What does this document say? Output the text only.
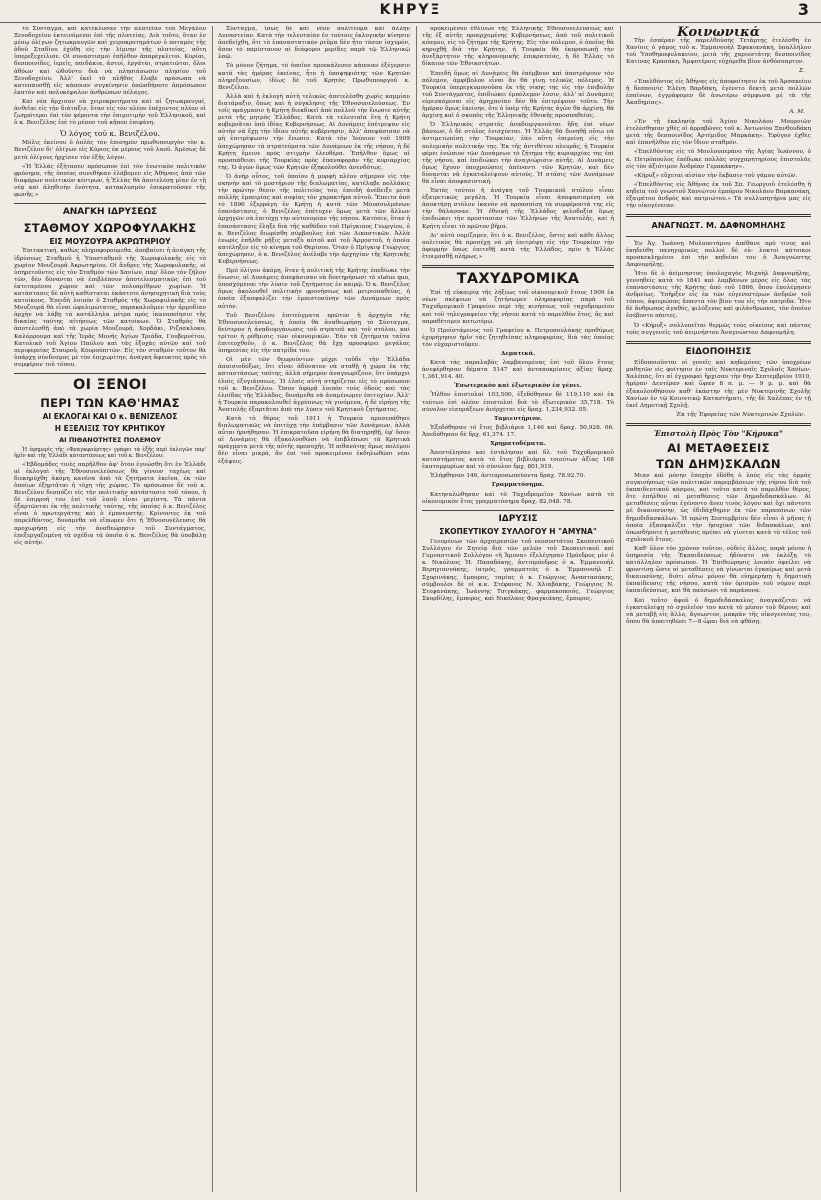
ΚΗΡΥΞ	3

τὸ Σύνταγμα, καὶ κατέκλυσαν τὴν πλατεῖαν τοῦ Μεγάλου Ξενοδοχείου ἐκτεινόμενοι ἐπὶ τῆς πλατείας. Διὰ τοῦτο, ὅταν ἐν μέσῳ ὀλίγων ζητωκραυγῶν καὶ χειροκροτημάτων ὁ ποταμὸς τῆς ὁδοῦ Σταδίου ἐχύθη εἰς τὴν λίμνην τῆς πλατείας, αὕτη ὑπερεξεχείλισε. Οἱ συναστισμοὶ ἐπῆλθον ἀπαρέγκλιτοι. Κυρίαι, δεσποινίδες, ἱερεῖς, παιδάκια, ἀστοί, ἐργάται, στρατιῶται, ὅλοι ἀθόων καὶ ὠθοῦντο διὰ νὰ πλησιάσωσιν πλησίον τοῦ Ξενοδοχείου. Ἀλλ' ἐκεῖ τὸ πλῆθος ἔλαβε πρόσωπα νὰ κατεπαυσθῇ εἰς κάποιαν συγκίνησιν ὁπῶσδήποτε ἀπρόσωπον ἐκατὸν καὶ πολυκέφαλον ἀνθρώπων πέλαγος.

Καὶ νέα ἄρχισαν νὰ χειροκροτήματα καὶ αἱ ζητωκραυγαί, ἀνθεῖαι εἰς τὴν διάταξιν, ὅταν εἰς τὸν πλέον ἐπέχοντος πλέον οἱ ζωηρότεροι ἐπὶ τὸν φέροντα τὴν ἐπιμοτιμὴν τοῦ Ἑλληνικοῦ, καὶ ὁ κ. Βενιζέλος ἐπὶ τὸ μέσον τοῦ κῆπου ἐπιφάνη.

Ὁ λόγος τοῦ κ. Βενιζέλου.

Μόλις ἐκείνου ὁ ὁπλὸς τὸν ἐπισημὸν πρωθυπουργὸν τὸν κ. Βενιζέλου δι' ὀλίγων εἰς Κύριος ἐκ μέρους τοῦ λαοῦ. Ἀμέσως δὲ μετὰ ὀλίγους ἠρχίσεν τὸν ἐξῆς λόγον.

«Ἡ Ἑλλὰς ἐξήτασεν πρόσωπον ἐπὶ τὸν ἐνωτικὸν πολιτικὸν φρόνημα, τῆς ὁποίας συνεθήκαν ἐλάβομεν εἰς Ἀθήναις ἀπὸ τῶν διαφόρων πολιτικῶν κέντρων, ἡ Ἑλλὰς θὰ ἀποτελέσῃ μίαν ἐν τῇ νέᾳ καὶ ἀληθινὴν ἐνότητα, κατακλυσμὸν ἐπικρατοῦσαν τῆς φωνῆς.»

ΑΝΑΓΚΗ ΙΔΡΥΣΕΩΣ
ΣΤΑΘΜΟΥ ΧΩΡΟΦΥΛΑΚΗΣ
ΕΙΣ ΜΟΥΖΟΥΡΑ ΑΚΡΩΤΗΡΙΟΥ

Ἐπιτακτική, καθὼς πληροφορούμεθα, ἀποβαίνει ἡ ἀνάγκη τῆς ἱδρύσεως Σταθμοῦ ἢ Ὑποσταθμοῦ τῆς Χωροφυλακῆς εἰς τὸ χωρίον Μουζουρᾶ Ἀκρωτηρίου. Οἱ ἄνδρες τῆς Χωροφυλακῆς, οἱ ὑπηρετοῦντες εἰς τὸν Σταθμὸν τῶν Χανίων, παρ' ὅλον τὸν ζῆλον τῶν, δὲν δύνανται νὰ ἐπιβλέπουν ἀποτελεσματικῶς ἐπὶ τοῦ ἐκτεταμένου χώρου καὶ τῶν πολυαρίθμων χωρίων. Ἡ κατάστασις δὲ αὐτὴ καθίσταται ἐκάστοτε ἀνησυχητικὴ διὰ τοὺς κατοίκους. Ἐπειδὴ λοιπὸν ὁ Σταθμὸς τῆς Χωροφυλακῆς εἰς τὸ Μουζουρᾶ θὰ εἶναι ὠφελιμώτατος, παρακαλοῦμεν τὴν ἁρμοδίαν ἀρχὴν νὰ λάβῃ τὰ κατάλληλα μέτρα πρὸς ἱκανοποίησιν τῆς δικαίας ταύτης αἰτήσεως τῶν κατοίκων. Ὁ Σταθμὸς θὰ ἀποτελεσθῇ ἀπὸ τὰ χωρία Μουζουρᾶ, Χορδάκι, Ριζοσκλοκο, Καλόρρουμα καὶ τῆς Ἱερᾶς Μονῆς Ἁγίων Τριάδα, Γουβερνέτου, Κατολικὸ τοῦ Ἁγίου Παύλου καὶ τὰς ἐξοχὰς αὐτῶν καὶ τοῦ περιφερείας Σταυροῦ, Κουρούπιτῶν. Εἰς τὸν σταθμὸν τοῦτον θὰ ὑπάρχῃ σύνδεσμος μὲ τὸν ἐπιχωρίτην, ἀνάγκη ἄφευκτος πρὸς τὸ συμφέρον τοῦ τόπου.

ΟΙ ΞΕΝΟΙ
ΠΕΡΙ ΤΩΝ ΚΑΘ'ΗΜΑΣ
ΑΙ ΕΚΛΟΓΑΙ ΚΑΙ Ο κ. ΒΕΝΙΖΕΛΟΣ
Η ΕΞΕΛΙΞΙΣ ΤΟΥ ΚΡΗΤΙΚΟΥ
ΑΙ ΠΙΘΑΝΟΤΗΤΕΣ ΠΟΛΕΜΟΥ

Ἡ ἐφημερὶς τῆς «Φραγκφούρτης» γράφει τὰ ἑξῆς περὶ ἐκλογῶν παρ' ἡμῖν καὶ τῆς Ἑλλάδι καταστάσεως καὶ τοῦ κ. Βενιζέλου:

«Ἑβδομάδες τινὲς παρῆλθον ἀφ' ὅτου ἐγνώσθη ὅτι ἐν Ἑλλάδι αἱ ἐκλογαὶ τῆς Ἐθνοσυνελεύσεως θὰ γίνουν ταχέως καὶ διεκηρύχθη ἀκόμη κανένα ἀπὸ τὰ ζητήματα ἐκεῖνα, ἐκ τῶν ὁποίων ἐξηρτᾶται ἡ τύχη τῆς χώρας. Τὸ πρόσωπον δὲ τοῦ κ. Βενιζέλου δεσπόζει εἰς τὴν πολιτικὴν κατάστασιν τοῦ τόπου, ἡ δὲ ἐπιρροή του ἐπὶ τοῦ λαοῦ εἶναι μεγίστη. Τὰ πάντα ἐξαρτῶνται ἐκ τῆς πολιτικῆς ταύτης, τῆς ὁποίας ὁ κ. Βενιζέλος εἶναι ὁ πρωτεργάτης καὶ ὁ ἐμπνευστής. Κρίνοντες ἐκ τοῦ παρελθόντος, δυνάμεθα νὰ εἴπωμεν ὅτι ἡ Ἐθνοσυνέλευσις θὰ προχωρήσῃ εἰς τὴν ἀναθεώρησιν τοῦ Συντάγματος, ἐπεξεργαζομένη τὰ σχέδια τὰ ὁποῖα ὁ κ. Βενιζέλος θὰ ὑποβάλῃ εἰς αὐτήν.

Σύνταγμα, ἴσως δὲ καὶ νέον πολίτευμα καὶ ἄλλην Δυναστείαν. Κατὰ τὴν τελευταίαν ἐν τούτοις ἐκλογικὴν κίνησιν ἀπεδείχθη, ὅτι τὸ ἐπαναστατικὸν ρεῦμα δὲν ἦτο τόσον ἰσχυρόν, ὅσον τὸ παρίστανον αἱ διάφοροι μερίδες παρὰ τῷ Ἑλληνικῷ λαῷ.

Τὸ μόνον ζήτημα, τὸ ὁποῖον προεκάλεσεν κάποιαν ἐξέγερσιν κατὰ τὰς ἡμέρας ἐκείνας, ἦτο ἡ ὑποψηφιότης τῶν Κρητῶν πληρεξουσίων, ἰδίως δὲ τοῦ Κρητὸς Πρωθυπουργοῦ κ. Βενιζέλου.

Ἀλλὰ καὶ ἡ ἐκλογὴ αὐτὴ τελικῶς ἀπετελέσθη χωρὶς καμμίαν διατάραξιν, ὅπως καὶ ἡ σύγκλησις τῆς Ἐθνοσυνελεύσεως. Ἐν τοῖς πράγμασιν ἡ Κρήτη διεκδικεῖ ἀπὸ πολλοῦ τὴν ἕνωσιν αὐτῆς μετὰ τῆς μητρὸς Ἑλλάδος. Κατὰ τὰ τελευταῖα ἔτη ἡ Κρήτη κυβερνᾶται ὑπὸ ἰδίας Κυβερνήσεως. Αἱ Δυνάμεις ἐπέτρεψαν εἰς αὐτὴν νὰ ἔχῃ τὴν ἰδίαν αὐτῆς κυβέρνησιν, ἀλλ' ἀπεφάσισαν νὰ μὴ ἐπιτρέψωσιν τὴν ἕνωσιν. Κατὰ τὸν Ἰούνιον τοῦ 1909 ἀπεχώρησαν τὰ στρατεύματα τῶν Δυνάμεων ἐκ τῆς νήσου, ἡ δὲ Κρήτη ἔμεινε πρὸς στιγμὴν ἐλευθέρα. Ἐπῆλθον ὅμως αἱ προσπάθειαι τῆς Τουρκίας πρὸς ἐπαναφορὰν τῆς κυριαρχίας της. Ὁ ἀγὼν ὅμως τῶν Κρητῶν ἐξηκολούθει ἀνενδότως.

Ὁ ἀνὴρ οὗτος, τοῦ ὁποίου ἡ μορφὴ πλέον σήμερον εἰς τὴν σκηνὴν καὶ τὸ μυστήριον τῆς διπλωματίας, κατέλαβε πολλάκις τὴν πρώτην θέσιν τῆς πολιτείας του, ἐπειδὴ ἀνέδειξε μετὰ πολλῆς ἐμπειρίας καὶ σοφίας τὸν χαρακτῆρα αὐτοῦ. Ἔπειτα ἀπὸ τὸ 1896 ἐξερράγη ἐν Κρήτῃ ἡ κατὰ τῶν Μουσουλμάνων ἐπανάστασις, ὁ Βενιζέλος ἐπέτυχεν ὅμως μετὰ τῶν ἄλλων ἀρχηγῶν νὰ ἐπιτύχῃ τὴν αὐτονομίαν τῆς νήσου. Κατόπιν, ὅταν ἡ ἐπανάστασις ἔληξε διὰ τῆς καθόδου τοῦ Πρίγκιπος Γεωργίου, ὁ κ. Βενιζέλος διωρίσθη σύμβουλος ἐπὶ τῶν Δικαστικῶν. Ἀλλὰ ἐνωρὶς ἐπῆλθε ρῆξις μεταξὺ αὐτοῦ καὶ τοῦ Ἁρμοστοῦ, ἡ ὁποία κατέληξεν εἰς τὸ κίνημα τοῦ Θερίσου. Ὅταν ὁ Πρίγκιψ Γεώργιος ἀπεχώρησεν, ὁ κ. Βενιζέλος ἀνέλαβε τὴν ἀρχηγίαν τῆς Κρητικῆς Κυβερνήσεως.

Πρὸ ὀλίγου ἀκόμη, ὅταν ἡ πολιτικὴ τῆς Κρήτης ἐπεδίωκε τὴν ἕνωσιν, αἱ Δυνάμεις ἀπεφάσισαν νὰ διατηρήσωσι τὸ status quo, ὑποσχόμεναι τὴν λύσιν τοῦ ζητήματος ἐν καιρῷ. Ὁ κ. Βενιζέλος ὅμως ἀκολουθεῖ πολιτικὴν φρονήσεως καὶ μετριοπαθείας, ἡ ὁποία ἐξασφαλίζει τὴν ἐμπιστοσύνην τῶν Δυνάμεων πρὸς αὐτόν.

Τοῦ Βενιζέλου ἐπιτεύγματα πρῶτον ἡ ἀρχηγία τῆς Ἐθνοσυνελεύσεως, ἡ ὁποία θὰ ἀναθεωρήσῃ τὸ Σύνταγμα, δεύτερον ἡ ἀναδιοργάνωσις τοῦ στρατοῦ καὶ τοῦ στόλου, καὶ τρίτον ἡ ρύθμισις τῶν οἰκονομικῶν. Ἐὰν τὰ ζητήματα ταῦτα ἐπιτευχθοῦν, ὁ κ. Βενιζέλος θὰ ἔχῃ προσφέρει μεγάλας ὑπηρεσίας εἰς τὴν πατρίδα του.

Οἱ μὲν τῶν θεωρούντων μέχρι τοῦδε τὴν Ἑλλάδα ἀπαισιοδόξως, ὅτι εἶναι ἀδύνατον νὰ σταθῇ ἡ χώρα ἐκ τῆς καταστάσεως ταύτης, ἀλλὰ σήμερον ἀναγνωρίζουν, ὅτι ὑπάρχει ἐλπὶς ἐξυγιάνσεως. Ἡ ἐλπὶς αὐτὴ στηρίζεται εἰς τὸ πρόσωπον τοῦ κ. Βενιζέλου. Ὅσον ἀφορᾷ λοιπὸν τοὺς ὁδοὺς καὶ τὰς ἐλπίδας τῆς Ἑλλάδος, δυνάμεθα νὰ ἀναμένωμεν ἐπιτυχίαν. Ἀλλ' ἡ Τουρκία παρακολουθεῖ ἀγρύπνως τὰ γινόμενα, ἡ δὲ εἰρήνη τῆς Ἀνατολῆς ἐξαρτᾶται ἀπὸ τὴν λύσιν τοῦ Κρητικοῦ ζητήματος.

Κατὰ τὸ θέρος τοῦ 1911 ἡ Τουρκία προσεπάθησε διπλωματικῶς νὰ ἐπιτύχῃ τὴν ἐπέμβασιν τῶν Δυνάμεων, ἀλλὰ αὗται ἠρνήθησαν. Ἡ ἐπικρατοῦσα εἰρήνη θὰ διατηρηθῇ, ἐφ' ὅσον αἱ Δυνάμεις θὰ ἐξακολουθῶσι νὰ ἐπιβλέπωσι τὰ Κρητικὰ πράγματα μετὰ τῆς αὐτῆς προσοχῆς. Ἡ πιθανότης ὅμως πολέμου δὲν εἶναι μικρά, ἂν ἐπὶ τοῦ προκειμένου ἐκδηλωθῶσι νέαι ἐξάψεις.

προκειμένου ἐθλίνων τῆς Ἑλληνικῆς Ἐθνοσυνελεύσεως καὶ τῆς ἐξ αὐτῆς προερχομένης Κυβερνήσεως, ἀπὸ τοῦ πολιτικοῦ κόσμου, εἰς τὸ ζήτημα τῆς Κρήτης. Εἰς τὸν πόλεμον, ὁ ὁποῖος θὰ κηρυχθῇ διὰ τὴν Κρήτην, ἡ Τουρκία θὰ ἐκπροσωπῇ τὴν ἀνεξάρτητον τῆς κληρονομικῆς ἐπικρατείας, ἡ δὲ Ἑλλὰς τὸ δίκαιον τῶν Ἐθνικοτήτων.

Ἐπειδὴ ὅμως αἱ Δυνάμεις θὰ ἐπέμβουν καὶ ἀποτρέψουν τὸν πόλεμον, ἀμφίβολον εἶναι ἂν θὰ γίνῃ τελικῶς πόλεμος. Ἡ Τουρκία ὑπερεγκυμονοῦσα ἐκ τῆς νίκης της εἰς τὴν ἐπιβολὴν τοῦ Συντάγματος, ἐπιδιώκει ἐμπόλεμον λύσιν, ἀλλ' αἱ Δυνάμεις εὐρισκόμεναι εἰς ἀμηχανίαν δὲν θὰ ἐπιτρέψουν τοῦτο. Τὴν ἡμέραν ὅμως ἐκείνην, ὅτε ὁ ὑπὲρ τῆς Κρήτης ἀγὼν θὰ ἀρχίσῃ, θὰ ἀρχίσῃ καὶ ὁ σκοπὸς τῆς Ἑλληνικῆς ἐθνικῆς προσπαθείας.

Ὁ Ἑλληνικὸς στρατὸς ἀναδιοργανοῦται ἤδη ἐπὶ νέων βάσεων, ὁ δὲ στόλος ἐνισχύεται. Ἡ Ἑλλὰς θὰ δυνηθῇ οὕτω νὰ ἀντιμετωπίσῃ τὴν Τουρκίαν, ἐὰν αὕτη ἐπιμείνῃ εἰς τὴν πολεμικὴν πολιτικήν της. Ἐκ τῆς ἀντιθέτου πλευρᾶς, ἡ Τουρκία φέρει ἐνώπιον τῶν Δυνάμεων τὸ ζήτημα τῆς κυριαρχίας της ἐπὶ τῆς νήσου, καὶ ἐπιδιώκει τὴν ἀναγνώρισιν αὐτῆς. Αἱ Δυνάμεις ὅμως ἔχουν ὑποχρεώσεις ἀπέναντι τῶν Κρητῶν, καὶ δὲν δύνανται νὰ ἐγκαταλείψουν αὐτούς. Ἡ στάσις τῶν Δυνάμεων θὰ εἶναι ἀποφασιστική.

Ἐκτὸς τούτου ἡ ἀνάγκη τοῦ Τουρκικοῦ στόλου εἶναι ἐξαιρετικῶς μεγάλη. Ἡ Τουρκία εἶναι ἀποφασισμένη νὰ ἀποκτήσῃ στόλον ἱκανὸν νὰ προασπίσῃ τὰ συμφέροντά της εἰς τὴν θάλασσαν. Ἡ ἐθνικὴ τῆς Ἑλλάδος φιλοδοξία ὅμως ἐπιδιώκει τὴν προστασίαν τῶν Ἑλλήνων τῆς Ἀνατολῆς, καὶ ἡ Κρήτη εἶναι τὸ πρῶτον βῆμα.

Δι' αὐτὸ νομίζομεν, ὅτι ὁ κ. Βενιζέλος, ὅστις καὶ κάθε ἄλλος πολιτικὸς θὰ προσέχῃ νὰ μὴ ἐπιτρέψῃ εἰς τὴν Τουρκίαν τὴν ἀφορμὴν ὅπως ἐπιτεθῇ κατὰ τῆς Ἑλλάδος, πρὶν ἡ Ἑλλὰς ἑτοιμασθῇ πλήρως.»

ΤΑΧΥΔΡΟΜΙΚΑ

Ἐπὶ τῇ εὐκαιρίᾳ τῆς λήξεως τοῦ οἰκονομικοῦ ἔτους 1909 ἐκ νέων σκέψεων νὰ ζητήσωμεν πληροφορίας παρὰ τοῦ Ταχυδρομικοῦ Γραφείου περὶ τῆς κινήσεως τοῦ ταχυδρομείου καὶ τοῦ τηλεγραφείου τῆς νήσου κατὰ τὸ παρελθὸν ἔτος, ἅς καὶ παραθέτομεν κατωτέρω.

Ὁ Προϊστάμενος τοῦ Γραφείου κ. Πετροπουλάκης προθύμως ἐχορήγησεν ἡμῖν τὰς ζητηθείσας πληροφορίας, διὰ τὰς ὁποίας τὸν εὐχαριστοῦμεν.

Δεματικά.

Κατὰ τὰς παραλαβὰς λαμβανομένας ἐπὶ τοῦ ὅλου ἔτους ἀνεφέρθησαν δέματα 5147 καὶ ἀνταποκρίσεις ἀξίας δραχ. 1,361,914. 40.

Ἐσωτερικὸν καὶ ἐξωτερικὸν ἐν γένει.

Ἦλθον ἐπιστολαὶ 103,500, ἐξεδόθησαν δὲ 119,110 καὶ ἐκ τούτων ἐπὶ πλέον ἐπιστολαὶ διὰ τὸ ἐξωτερικὸν 35,718. Τὸ σύνολον εἰσπράξεων ἀνέρχεται εἰς δραχ. 1,234,932. 05.

Ταμιευτήριον.

Ἐξεδόθησαν τὸ ἔτος βιβλιάρια 1,146 καὶ δραχ. 50,928. 06. Ἀπεδόθησαν δὲ δρχ. 61,374. 17.

Χρηματοδέματα.

Ἀπεστάλησαν καὶ ἐστάλησαν καὶ δλ. τοῦ Ταχυδρομικοῦ καταστήματος κατὰ τὸ ἔτος βιβλιάρια τοιούτων ἀξίας 168 ἑκατομμυρίων καὶ τὸ σύνολον δρχ. 801,919.

Ἐλήφθησαν 146, ἀντιπροσωπεύοντα δραχ. 78.92.70.

Γραμματόσημα.

Κατηναλώθησαν καὶ τὸ Ταχυδρομεῖον Χανίων κατὰ τὸ οἰκονομικὸν ἔτος γραμματόσημα δραχ. 82,048. 78.

ΙΔΡΥΣΙΣ
ΣΚΟΠΕΥΤΙΚΟΥ ΣΥΛΛΟΓΟΥ Η "ΑΜΥΝΑ"

Γενομένων τῶν ἀρχαιρεσιῶν τοῦ νεοσυστάτου Σκοπευτικοῦ Συλλόγου ἐν Σητείᾳ διὰ τῶν μελῶν τοῦ Σκοπευτικοῦ καὶ Γυμναστικοῦ Συλλόγου «ἡ Ἄμυνα» ἐξελέγησαν Πρόεδρος μὲν ὁ κ. Νικόλαος Ἠ. Παπαδάκης, ἀντιπρόεδρος ὁ κ. Ἐμμανουὴλ Βερηγιαννάκης, ἰατρός, γραμματεὺς ὁ κ. Ἐμμανουὴλ Γ. Σχορινάκης, ἔμπορος, ταμίας ὁ κ. Γεώργιος Ἀναστασάκης, σύμβουλοι δὲ οἱ κ.κ. Στέφανος Ν. Χλιαβάκης, Γεώργιος Ν. Στεφανάκης, Ἰωάννης Τσιγκάκης, φαρμακοποιός, Γεώργιος Σκορδίλης, ἔμπορος, καὶ Νικόλαος Φραγκιάκης, ἔμπορος.

Κοινωνικά

Τὴν ἐσπέραν τῆς παρελθούσης Τετάρτης ἐτελέσθη ἐν Χανίοις ὁ γάμος τοῦ κ. Ἐμμανουὴλ Σφακιανάκη, ὑπαλλήλου τοῦ Ὑποθηκοφυλακείου, μετὰ τῆς χαριεστάτης δεσποινίδος Κατίνας Κρασάκη. Ἄμφοτέροις εὐχόμεθα βίον ἀνθόσπαρτον.

Σ.

«Ἐπελθόντος εἰς Ἀθήνας εἰς ἀποφοίτησιν ἐκ τοῦ Ἀρσακείου ἡ δεσποινὶς Ἑλένη Βαρδάκη, ἐγένετο δεκτὴ μετὰ πολλῶν ἐπαίνων, ἐγγράφομεν δὲ ἀνωτέρω σύμφωνα μὲ τὰ τῆς Ἀκαδημίας».

Α. Μ.

«Ἐν τῇ ἐκκλησίᾳ τοῦ Ἁγίου Νικολάου Μουρνιῶν ἐτελέσθησαν χθὲς οἱ ἀρραβῶνες τοῦ κ. Ἀντωνίου Ξανθουδάκη μετὰ τῆς δεσποινίδος Ἀρτέμιδος Μαρκάκη». Ἐφύγον ἐχθὲς καὶ ἐπανῆλθον εἰς τὸν ἴδιον σταθμόν.

«Ἐπελθόντος εἰς τὸ Μουλουπεράνο τῆς Ἀγίας Ἰωάννου, ὁ κ. Πετρόπουλος ἐπέδωκε πολλὰς συγχαρητηρίους ἐπιστολὰς εἰς τὸν ἀξιότιμον Ἀνδρέαν Γερακάκην».

«Κήρυξ» εὔχεται αἰσίαν τὴν ἔκβασιν τοῦ γάμου αὐτῶν.

«Ἐπελθόντος εἰς Ἀθήνας ἐκ τοῦ Σπ. Γεωργιοῦ ἐτελέσθη ἡ κηδεία τοῦ γνωστοῦ Χανιώτου ἐμπόρου Νικολάου Βαρκανάκη, ἐξαιρέτου ἀνδρὸς καὶ πατριώτου.» Τὰ συλλυπητήρια μας εἰς τὴν οἰκογένειαν.

ΑΝΑΓΝΩΣΤ. Μ. ΔΑΦΝΟΜΗΛΗΣ

Ἐν Ἁγ. Ἰωάννῃ Μολοποτάμου ἀπέθανε πρὸ τινος καὶ ἐκηδεύθη πανηγυρικῶς πολλοὶ δὲ εὐ- λοκτοὶ κάτοικοι προσκεκλημένοι ἐπὶ τὴν κηδείαν του ὁ Ἀναγνώστης Δαφνομήλης.

Ἦτο δὲ ὁ ἀείμνηστος ὑπολοχαγὸς Μιχαὴλ Δαφνομήλης, γεννηθεὶς κατὰ τὸ 1841 καὶ λαμβάνων μέρος εἰς ὅλας τὰς ἐπαναστάσεις τῆς Κρήτης ἀπὸ τοῦ 1866, ὅπου ἐπολέμησεν ἀνδρείως. Ὑπῆρξεν εἷς ἐκ τῶν εὐγενεστέρων ἀνδρῶν τοῦ τόπου, ἀφιερώσας ἅπαντα τὸν βίον του εἰς τὴν πατρίδα. Ἦτο δὲ ἄνθρωπος ἀγαθός, φιλόξενος καὶ φιλάνθρωπος, τὸν ὁποῖον ἐσέβοντο πάντες.

Ὁ «Κήρυξ» συλλυπεῖται θερμῶς τοὺς οἰκείους καὶ πάντας τοὺς συγγενεῖς τοῦ ἀειμνήστου Ἀναγνώστου Δαφνομήλη.

ΕΙΔΟΠΟΙΗΣΙΣ

Εἰδοποιοῦνται οἱ γονεῖς καὶ κηδεμόνες τῶν ὑποχρέων μαθητῶν εἰς φοίτησιν ἐν ταῖς Νυκτεριναῖς Σχολαῖς Χανίων-Χαλέπας, ὅτι αἱ ἐγγραφαὶ ἤρχισαν τὴν 6ην Σεπτεμβρίου 1910, ἡμέραν Δευτέραν καὶ ὥραν 8 π. μ. — 9 μ. μ. καὶ θὰ ἐξακολουθήσουν καθ' ἑκάστην τῆς μὲν Νυκτερινῆς Σχολῆς Χανίων ἐν τῷ Κοινοτικῷ Καταστήματι, τῆς δὲ Χαλέπας ἐν τῇ ἐκεῖ Δημοτικῇ Σχολῇ.

Ἐκ τῆς Ἐφορείας τῶν Νυκτερινῶν Σχολῶν.
Ἐπιστολὴ Πρὸς Τὸν "Κήρυκα"
ΑΙ ΜΕΤΑΘΕΣΕΙΣ
ΤΩΝ ΔΗΜ)ΣΚΑΛΩΝ

Μιαν καὶ μόνην ἐποχὴν ἐδόθη ὁ λαὸς εἰς τὰς ὁρμὰς συγκινήσεως τῶν πολιτικῶν παρεμβάσεων τῆς νήσου διὰ τοῦ ἐκπαιδευτικοῦ κόσμου, καὶ τοῦτο κατὰ τὸ παρελθὸν θέρος, ὅτε ἐπήλθον αἱ μεταθέσεις τῶν Δημοδιδασκάλων. Αἱ μεταθέσεις αὗται ἐγένοντο ἄνευ τινὸς λόγου καὶ ὄχι πάντοτε μὲ δικαιοσύνην, ὡς ἐδιδάχθημεν ἐκ τῶν παραπόνων τῶν δημοδιδασκάλων. Ἡ πρώτη Σεπτεμβρίου δὲν εἶναι ὁ μῆνας ἡ ὁποία ἐξασφαλίζει τὴν ἡσυχίαν τῶν διδασκάλων, καὶ ὁπωσδήποτε ἡ μετάθεσις πρέπει νὰ γίνεται κατὰ τὸ τέλος τοῦ σχολικοῦ ἔτους.

Καθ' ὅλον τὸν χρόνον τοῦτον, οὐδεὶς ἄλλος, παρὰ μόνον ἡ ὑπηρεσία τῆς Ἐκπαιδεύσεως ἠδύνατο νὰ ἐκλέξῃ τὸ κατάλληλον πρόσωπον. Ἡ Ἐπιθεώρησις λοιπὸν ὀφείλει νὰ φροντίσῃ ὥστε αἱ μεταθέσεις νὰ γίνωνται ἐγκαίρως καὶ μετὰ δικαιοσύνης, διότι οὕτω μόνον θὰ εὐημερήσῃ ἡ δημοτικὴ ἐκπαίδευσις τῆς νήσου, κατὰ τὸν ὁρισμὸν τοῦ νόμου περὶ ἐκπαιδεύσεως, καὶ θὰ παύσωσι τὰ παράπονα.

Καὶ τοῦτο ἀφοῦ ὁ δημοδιδάσκαλος ἀναγκάζεται νὰ ἐγκαταλείψῃ τὸ σχολεῖον του κατὰ τὸ μέσον τοῦ θέρους καὶ νὰ μεταβῇ εἰς ἄλλο, ἄγνωστον, μακρὰν τῆς οἰκογενείας του, ὅπου θὰ ἀπαιτηθῶσι 7—8 ὧραι διὰ νὰ φθάσῃ.
